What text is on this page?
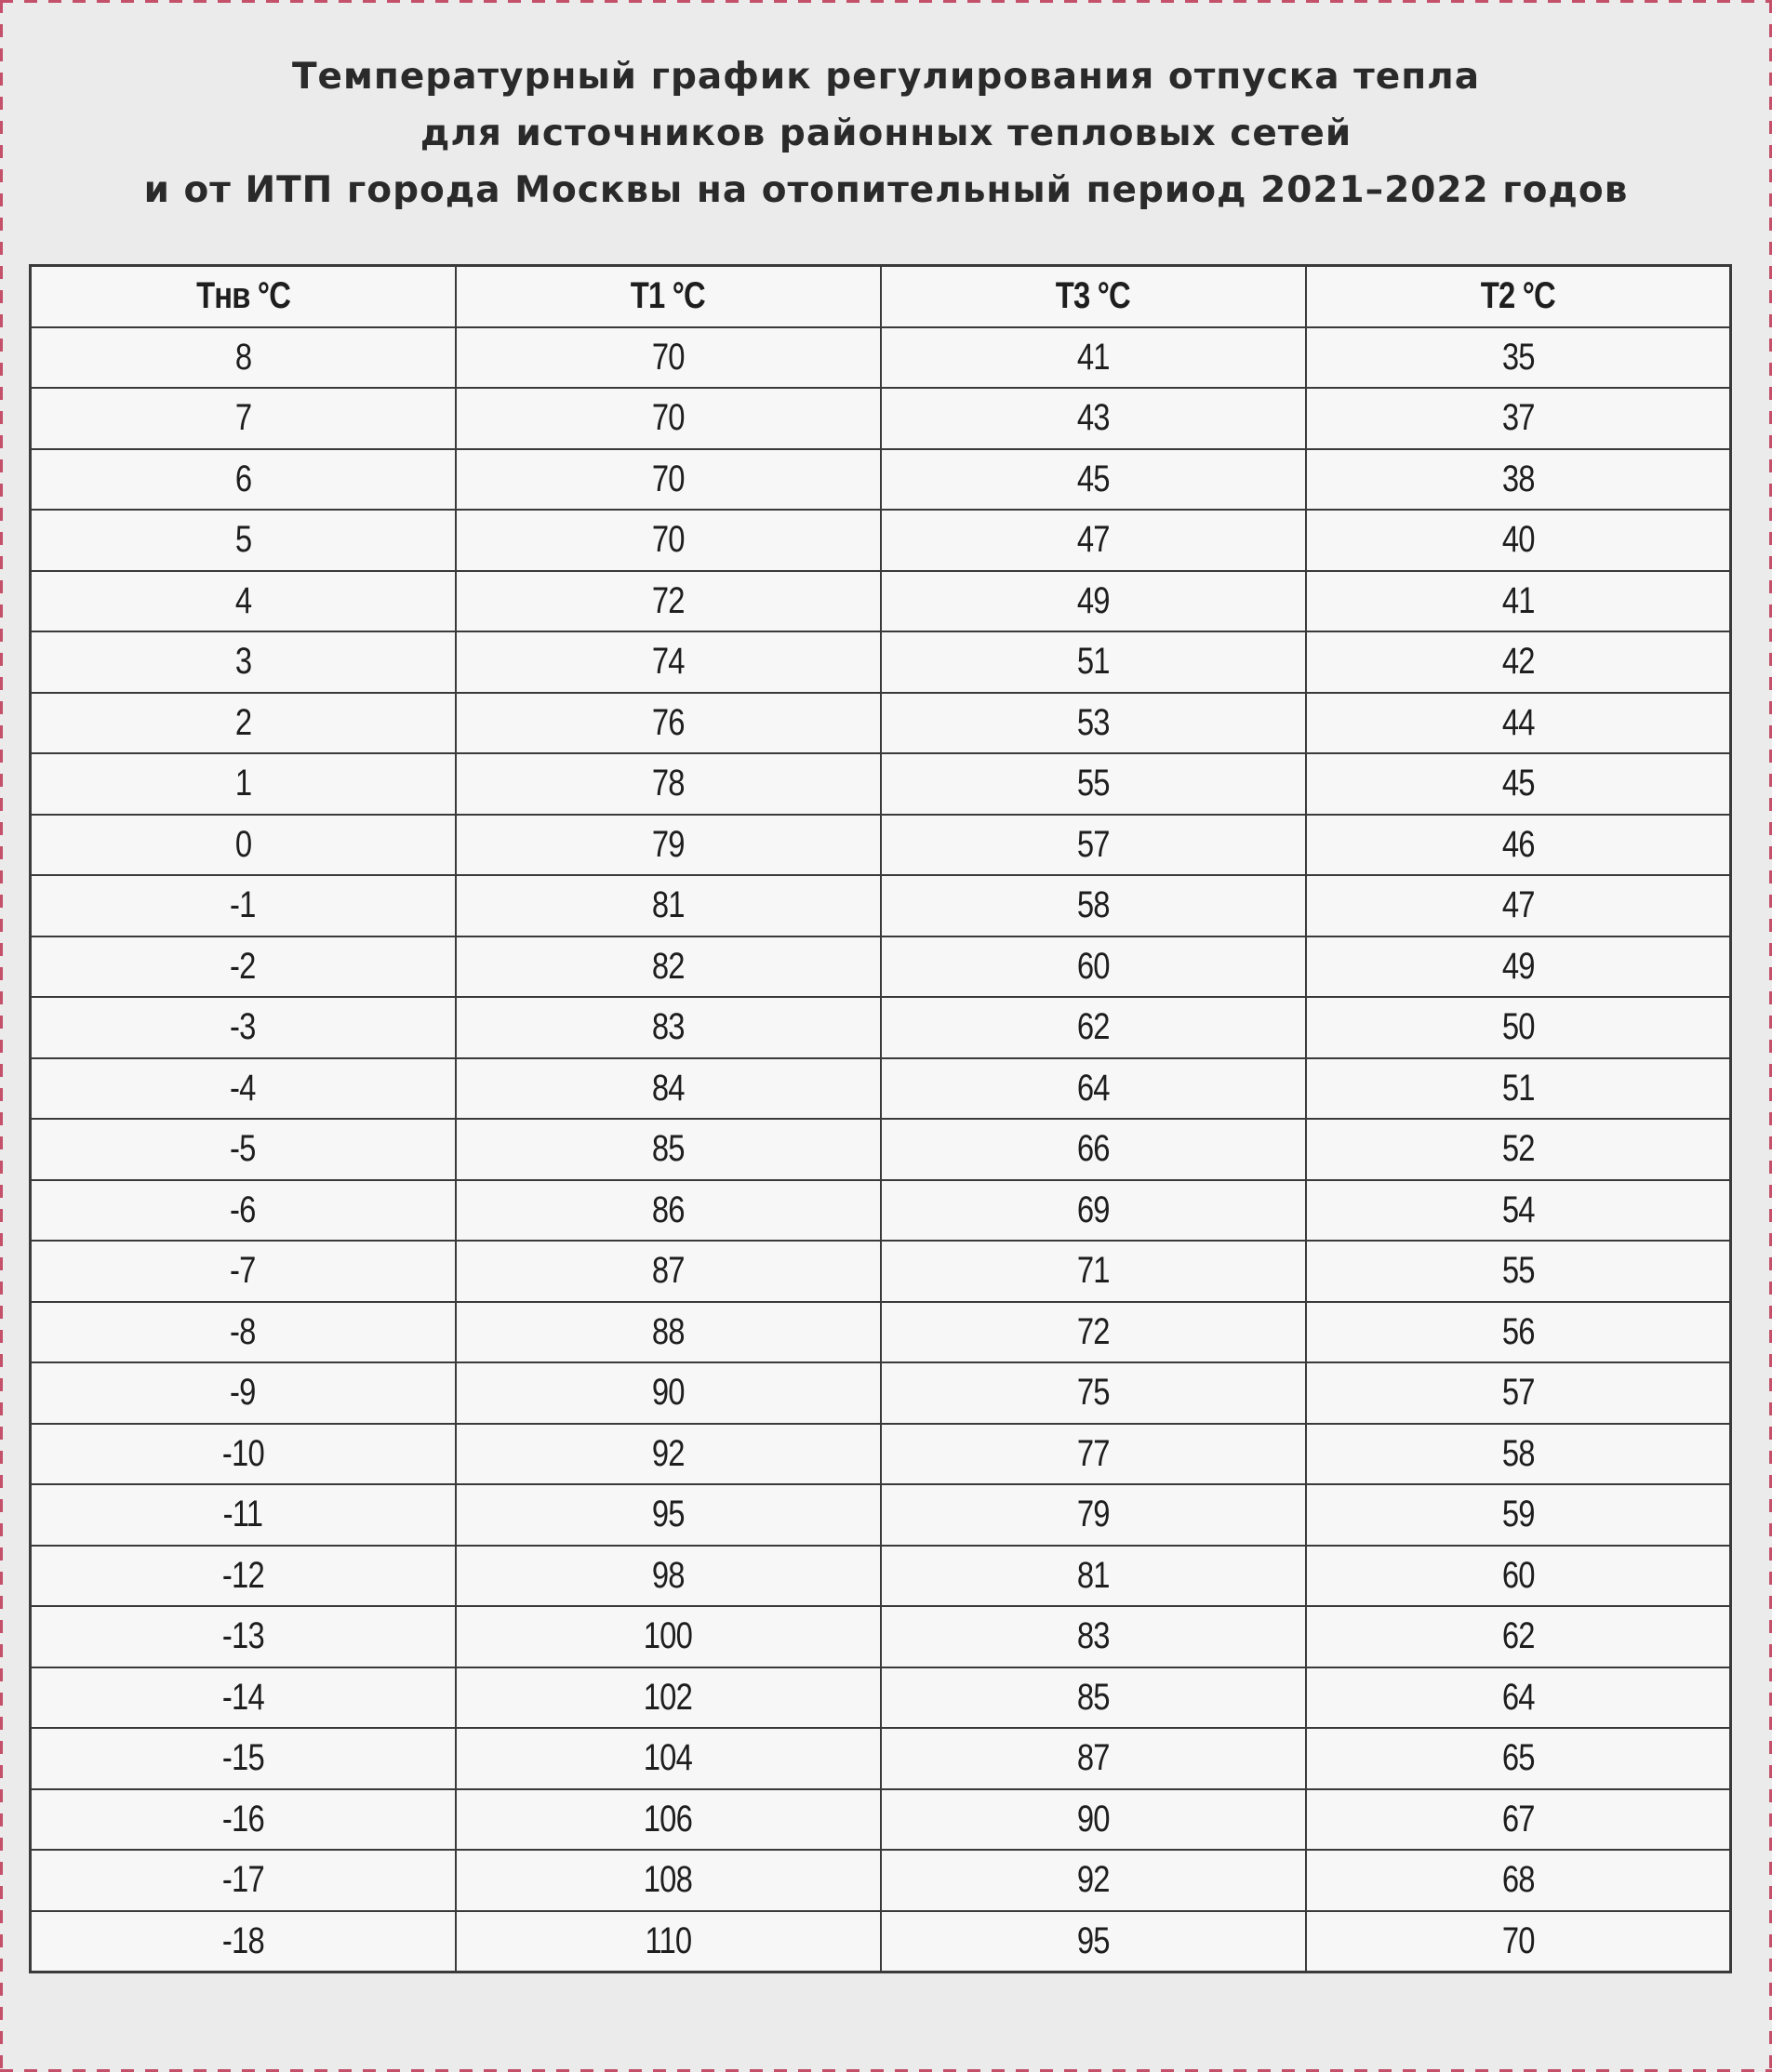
Температурный график регулирования отпуска тепла
для источников районных тепловых сетей
и от ИТП города Москвы на отопительный период 2021–2022 годов
Tнв °C	T1 °C	T3 °C	T2 °C
8	70	41	35
7	70	43	37
6	70	45	38
5	70	47	40
4	72	49	41
3	74	51	42
2	76	53	44
1	78	55	45
0	79	57	46
-1	81	58	47
-2	82	60	49
-3	83	62	50
-4	84	64	51
-5	85	66	52
-6	86	69	54
-7	87	71	55
-8	88	72	56
-9	90	75	57
-10	92	77	58
-11	95	79	59
-12	98	81	60
-13	100	83	62
-14	102	85	64
-15	104	87	65
-16	106	90	67
-17	108	92	68
-18	110	95	70
